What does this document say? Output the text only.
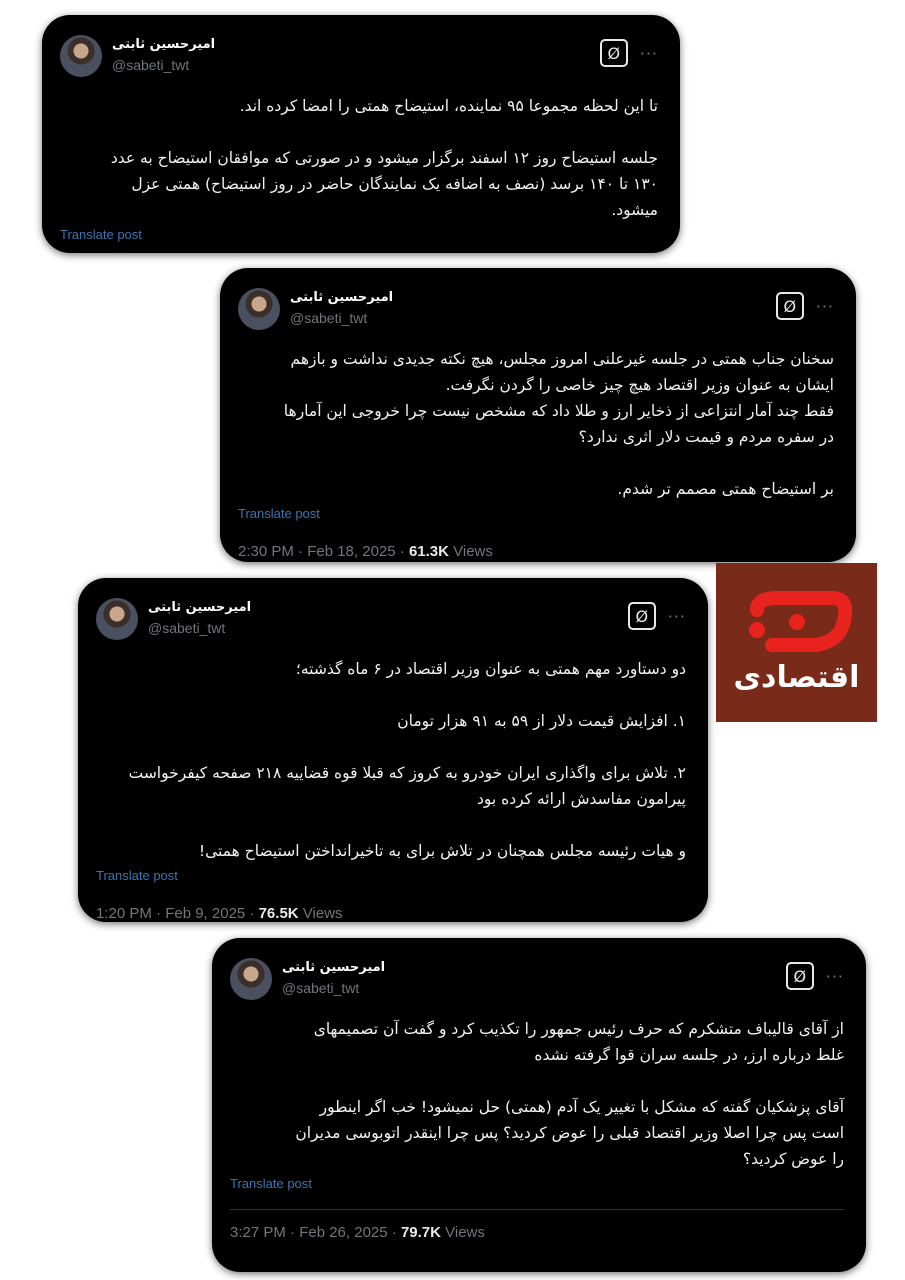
امیرحسین ثابتی
@sabeti_twt
Ø	···
تا این لحظه مجموعا ۹۵ نماینده، استیضاح همتی را امضا کرده اند.
جلسه استیضاح روز ۱۲ اسفند برگزار میشود و در صورتی که موافقان استیضاح به عدد
۱۳۰ تا ۱۴۰ برسد (نصف به اضافه یک نمایندگان حاضر در روز استیضاح) همتی عزل
میشود.
Translate post
امیرحسین ثابتی
@sabeti_twt
Ø	···
سخنان جناب همتی در جلسه غیرعلنی امروز مجلس، هیچ نکته جدیدی نداشت و بازهم
ایشان به عنوان وزیر اقتصاد هیچ چیز خاصی را گردن نگرفت.
فقط چند آمار انتزاعی از ذخایر ارز و طلا داد که مشخص نیست چرا خروجی این آمارها
در سفره مردم و قیمت دلار اثری ندارد؟
بر استیضاح همتی مصمم تر شدم.
Translate post
2:30 PM · Feb 18, 2025 · 61.3K Views
امیرحسین ثابتی
@sabeti_twt
Ø	···
دو دستاورد مهم همتی به عنوان وزیر اقتصاد در ۶ ماه گذشته؛
۱. افزایش قیمت دلار از ۵۹ به ۹۱ هزار تومان
۲. تلاش برای واگذاری ایران خودرو به کروز که قبلا قوه قضاییه ۲۱۸ صفحه کیفرخواست
پیرامون مفاسدش ارائه کرده بود
و هیات رئیسه مجلس همچنان در تلاش برای به تاخیرانداختن استیضاح همتی!
Translate post
1:20 PM · Feb 9, 2025 · 76.5K Views
امیرحسین ثابتی
@sabeti_twt
Ø	···
از آقای قالیباف متشکرم که حرف رئیس جمهور را تکذیب کرد و گفت آن تصمیمهای
غلط درباره ارز، در جلسه سران قوا گرفته نشده
آقای پزشکیان گفته که مشکل با تغییر یک آدم (همتی) حل نمیشود! خب اگر اینطور
است پس چرا اصلا وزیر اقتصاد قبلی را عوض کردید؟ پس چرا اینقدر اتوبوسی مدیران
را عوض کردید؟
Translate post
3:27 PM · Feb 26, 2025 · 79.7K Views
اقتصادی
